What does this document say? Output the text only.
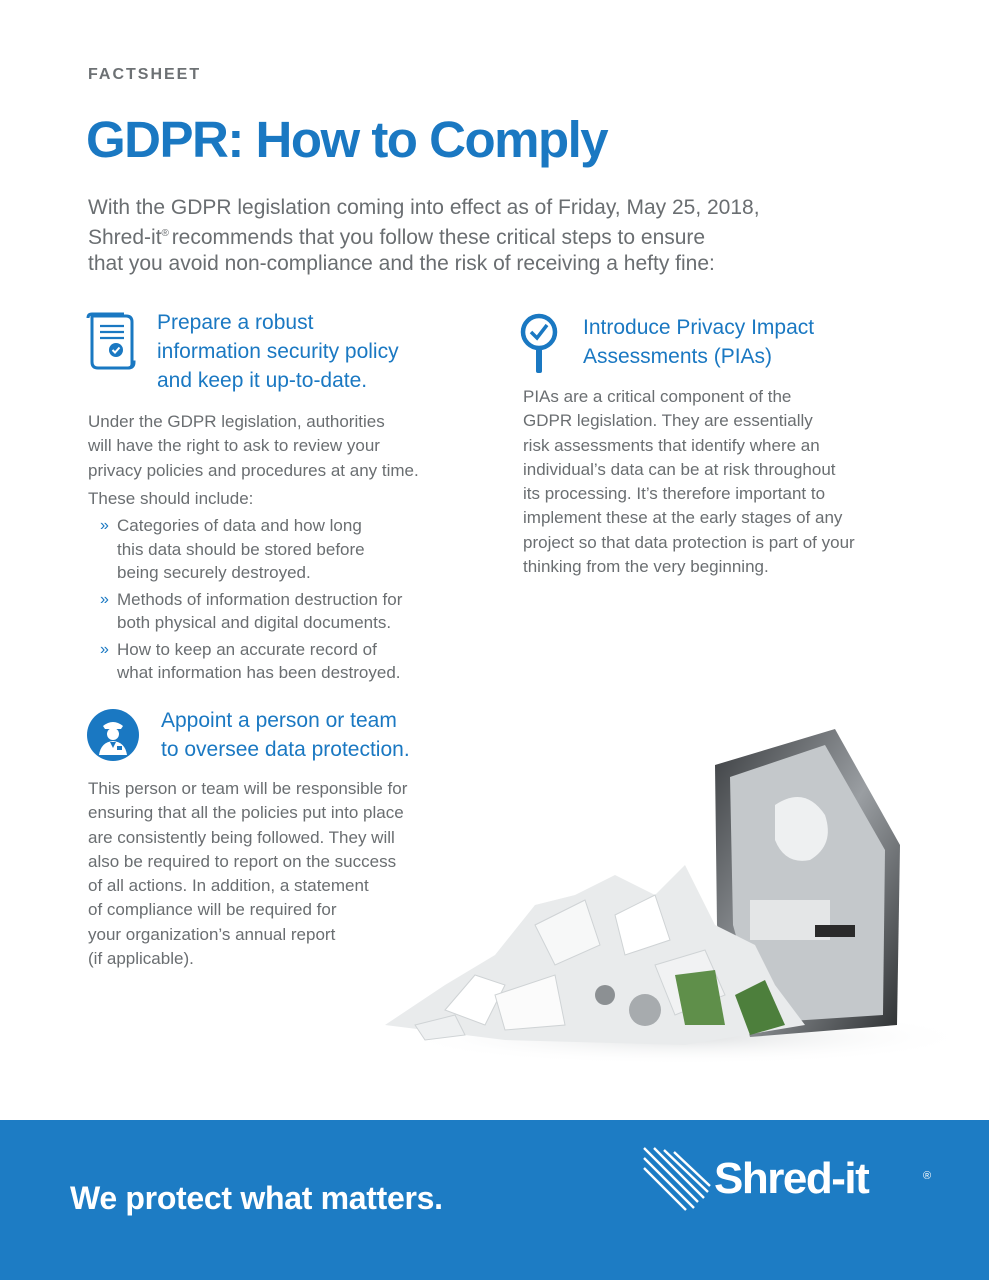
FACTSHEET
GDPR: How to Comply

With the GDPR legislation coming into effect as of Friday, May 25, 2018,
Shred-it® recommends that you follow these critical steps to ensure
that you avoid non-compliance and the risk of receiving a hefty fine:

Prepare a robust
information security policy
and keep it up-to-date.

Under the GDPR legislation, authorities
will have the right to ask to review your
privacy policies and procedures at any time.

These should include:

» Categories of data and how long
this data should be stored before
being securely destroyed.
» Methods of information destruction for
both physical and digital documents.
» How to keep an accurate record of
what information has been destroyed.
Appoint a person or team
to oversee data protection.

This person or team will be responsible for
ensuring that all the policies put into place
are consistently being followed. They will
also be required to report on the success
of all actions. In addition, a statement
of compliance will be required for
your organization’s annual report
(if applicable).

Introduce Privacy Impact
Assessments (PIAs)

PIAs are a critical component of the
GDPR legislation. They are essentially
risk assessments that identify where an
individual’s data can be at risk throughout
its processing. It’s therefore important to
implement these at the early stages of any
project so that data protection is part of your
thinking from the very beginning.

We protect what matters.	Shred-it	®
